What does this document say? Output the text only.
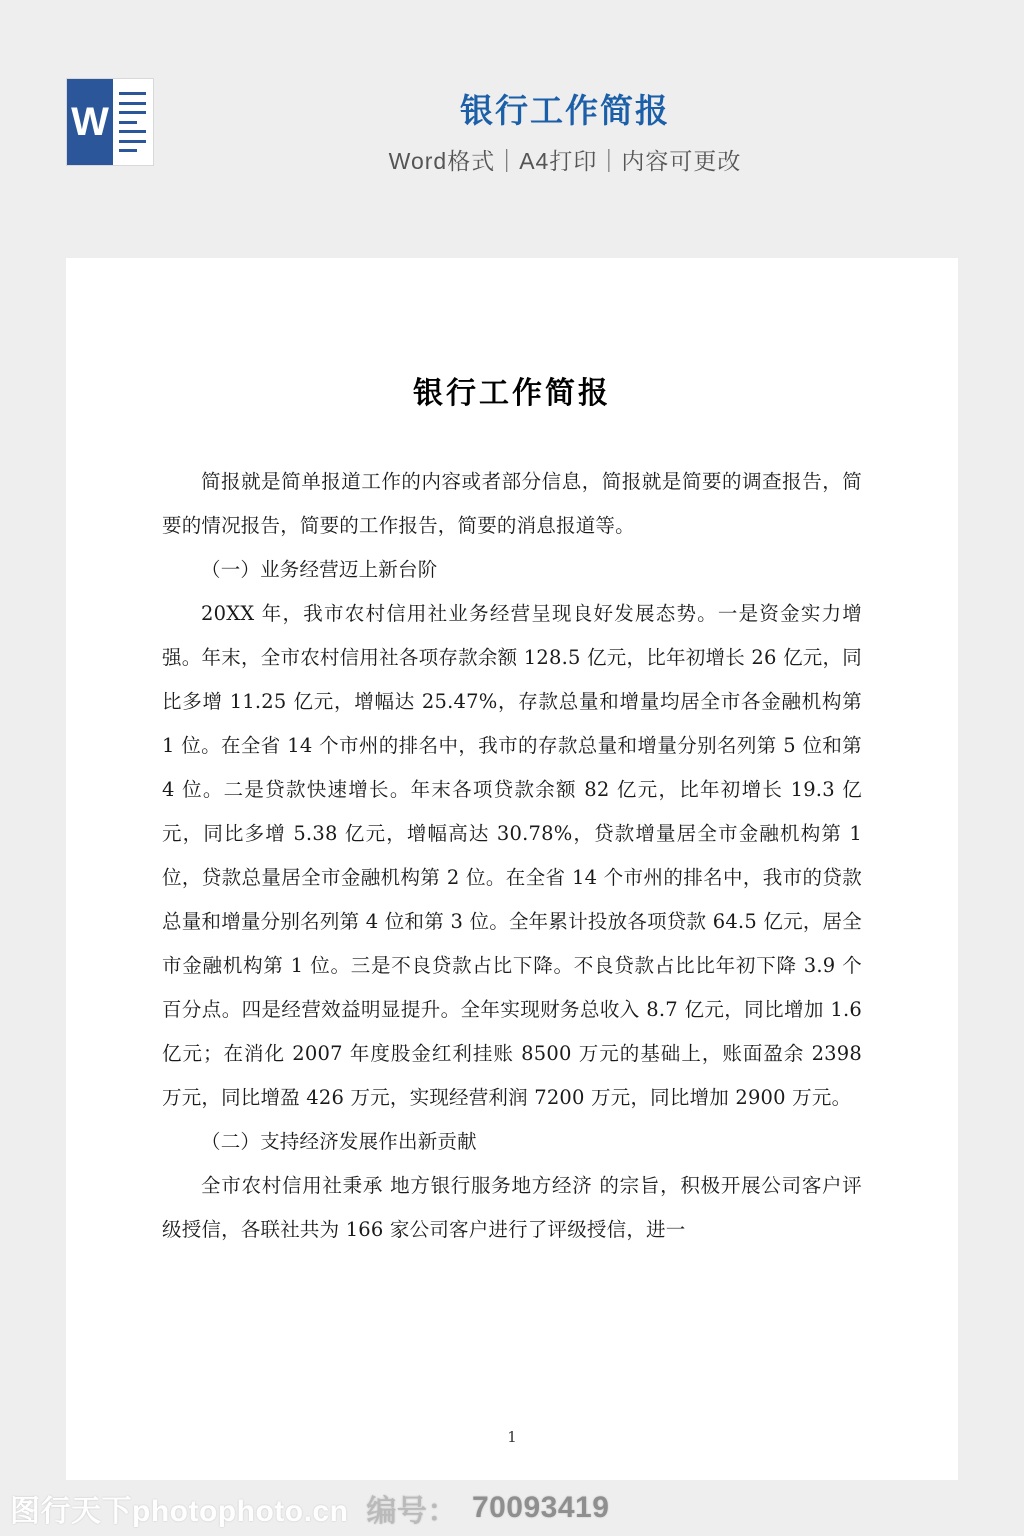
W	银行工作简报
Word格式｜A4打印｜内容可更改
银行工作简报

简报就是简单报道工作的内容或者部分信息，简报就是简要的调查报告，简要的情况报告，简要的工作报告，简要的消息报道等。

（一）业务经营迈上新台阶

20XX 年，我市农村信用社业务经营呈现良好发展态势。一是资金实力增强。年末，全市农村信用社各项存款余额 128.5 亿元，比年初增长 26 亿元，同比多增 11.25 亿元，增幅达 25.47%，存款总量和增量均居全市各金融机构第 1 位。在全省 14 个市州的排名中，我市的存款总量和增量分别名列第 5 位和第 4 位。二是贷款快速增长。年末各项贷款余额 82 亿元，比年初增长 19.3 亿元，同比多增 5.38 亿元，增幅高达 30.78%，贷款增量居全市金融机构第 1 位，贷款总量居全市金融机构第 2 位。在全省 14 个市州的排名中，我市的贷款总量和增量分别名列第 4 位和第 3 位。全年累计投放各项贷款 64.5 亿元，居全市金融机构第 1 位。三是不良贷款占比下降。不良贷款占比比年初下降 3.9 个百分点。四是经营效益明显提升。全年实现财务总收入 8.7 亿元，同比增加 1.6 亿元；在消化 2007 年度股金红利挂账 8500 万元的基础上，账面盈余 2398 万元，同比增盈 426 万元，实现经营利润 7200 万元，同比增加 2900 万元。

（二）支持经济发展作出新贡献

全市农村信用社秉承 地方银行服务地方经济 的宗旨，积极开展公司客户评级授信，各联社共为 166 家公司客户进行了评级授信，进一

1
图行天下photophoto.cn 编号： 70093419
